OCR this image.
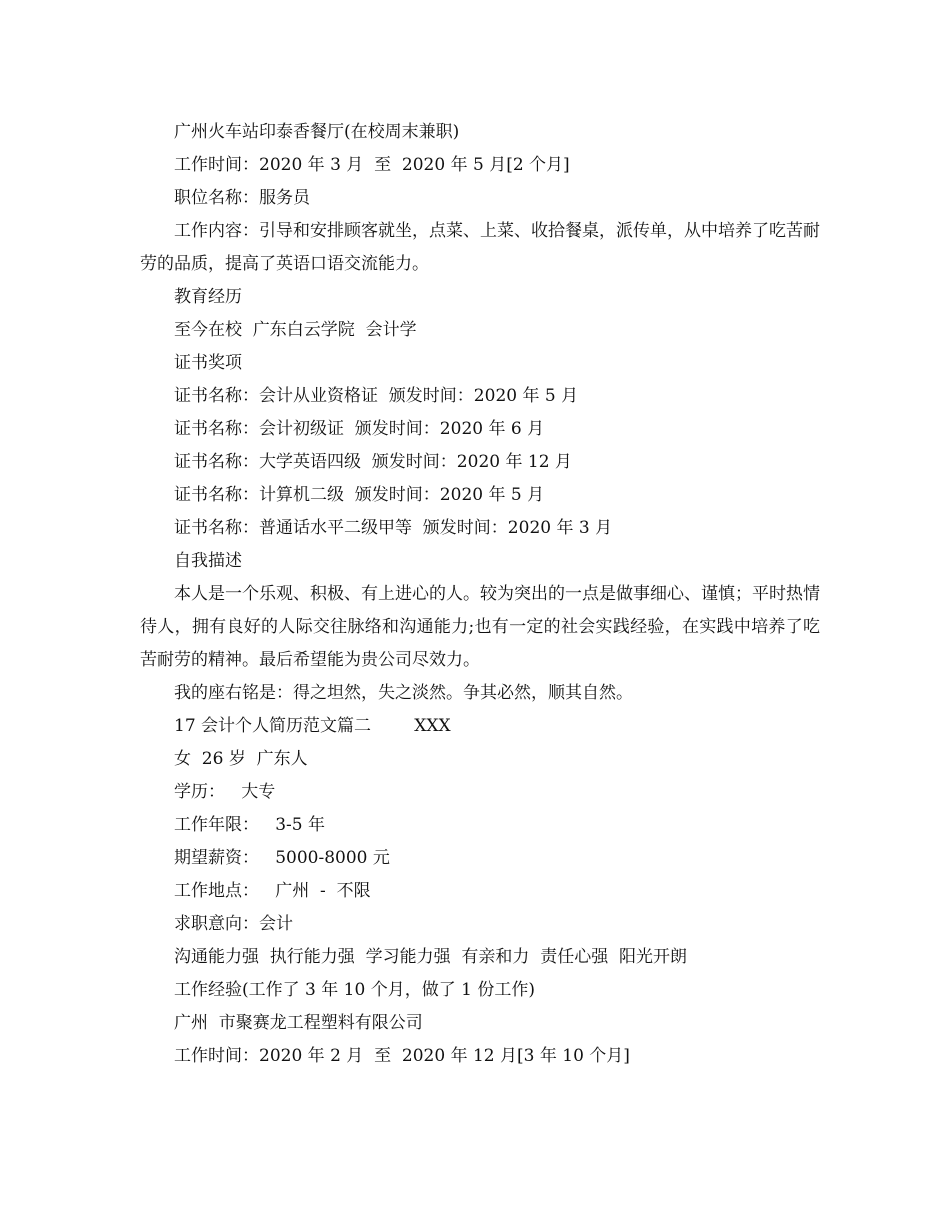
广州火车站印泰香餐厅(在校周末兼职)
工作时间：2020 年 3 月  至  2020 年 5 月[2 个月]
职位名称：服务员
工作内容：引导和安排顾客就坐，点菜、上菜、收拾餐桌，派传单，从中培养了吃苦耐劳的品质，提高了英语口语交流能力。
教育经历
至今在校  广东白云学院  会计学
证书奖项
证书名称：会计从业资格证  颁发时间：2020 年 5 月
证书名称：会计初级证  颁发时间：2020 年 6 月
证书名称：大学英语四级  颁发时间：2020 年 12 月
证书名称：计算机二级  颁发时间：2020 年 5 月
证书名称：普通话水平二级甲等  颁发时间：2020 年 3 月
自我描述
本人是一个乐观、积极、有上进心的人。较为突出的一点是做事细心、谨慎；平时热情待人，拥有良好的人际交往脉络和沟通能力;也有一定的社会实践经验，在实践中培养了吃苦耐劳的精神。最后希望能为贵公司尽效力。
我的座右铭是：得之坦然，失之淡然。争其必然，顺其自然。
17 会计个人简历范文篇二        XXX
女  26 岁  广东人
学历：   大专
工作年限：   3-5 年
期望薪资：   5000-8000 元
工作地点：   广州  -  不限
求职意向：会计
沟通能力强  执行能力强  学习能力强  有亲和力  责任心强  阳光开朗
工作经验(工作了 3 年 10 个月，做了 1 份工作)
广州  市聚赛龙工程塑料有限公司
工作时间：2020 年 2 月  至  2020 年 12 月[3 年 10 个月]
